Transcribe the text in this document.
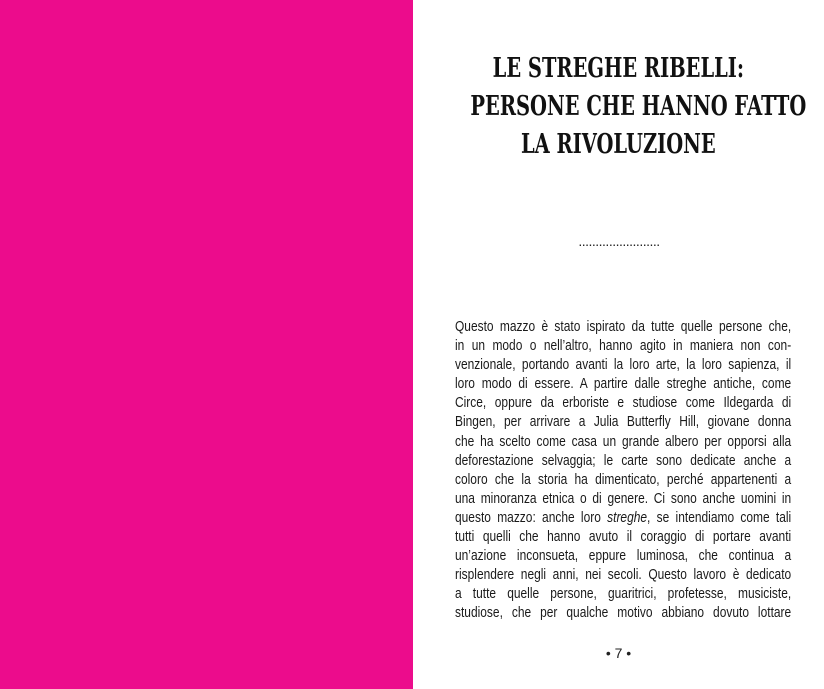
LE STREGHE RIBELLI:
PERSONE CHE HANNO FATTO
LA RIVOLUZIONE
........................
Questo mazzo è stato ispirato da tutte quelle persone che,
in un modo o nell’altro, hanno agito in maniera non con-
venzionale, portando avanti la loro arte, la loro sapienza, il
loro modo di essere. A partire dalle streghe antiche, come
Circe, oppure da erboriste e studiose come Ildegarda di
Bingen, per arrivare a Julia Butterfly Hill, giovane donna
che ha scelto come casa un grande albero per opporsi alla
deforestazione selvaggia; le carte sono dedicate anche a
coloro che la storia ha dimenticato, perché appartenenti a
una minoranza etnica o di genere. Ci sono anche uomini in
questo mazzo: anche loro streghe, se intendiamo come tali
tutti quelli che hanno avuto il coraggio di portare avanti
un’azione inconsueta, eppure luminosa, che continua a
risplendere negli anni, nei secoli. Questo lavoro è dedicato
a tutte quelle persone, guaritrici, profetesse, musiciste,
studiose, che per qualche motivo abbiano dovuto lottare
• 7 •
